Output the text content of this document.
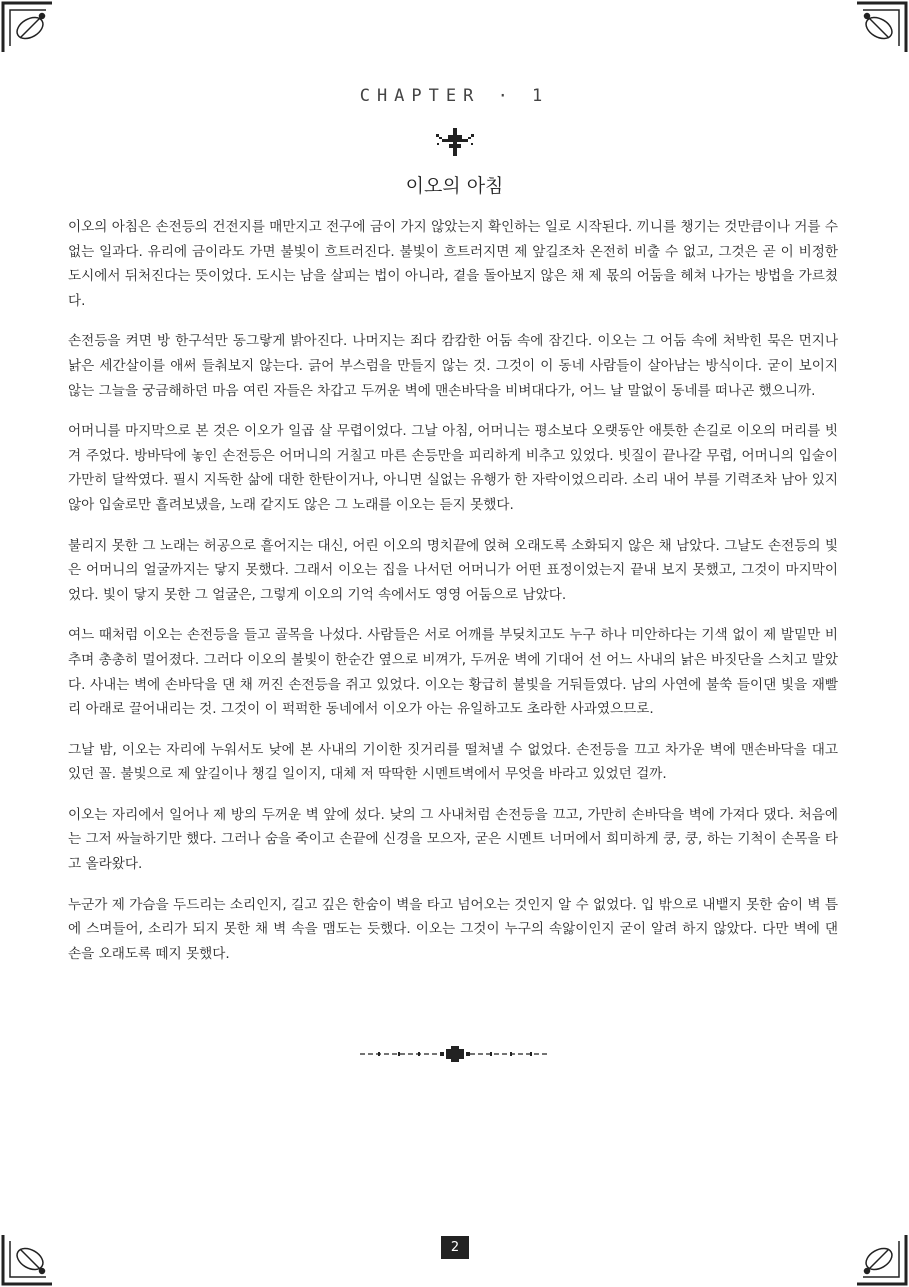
CHAPTER · 1
이오의 아침

이오의 아침은 손전등의 건전지를 매만지고 전구에 금이 가지 않았는지 확인하는 일로 시작된다. 끼니를 챙기는 것만큼이나 거를 수 없는 일과다. 유리에 금이라도 가면 불빛이 흐트러진다. 불빛이 흐트러지면 제 앞길조차 온전히 비출 수 없고, 그것은 곧 이 비정한 도시에서 뒤처진다는 뜻이었다. 도시는 남을 살피는 법이 아니라, 곁을 돌아보지 않은 채 제 몫의 어둠을 헤쳐 나가는 방법을 가르쳤다.

손전등을 켜면 방 한구석만 동그랗게 밝아진다. 나머지는 죄다 캄캄한 어둠 속에 잠긴다. 이오는 그 어둠 속에 처박힌 묵은 먼지나 낡은 세간살이를 애써 들춰보지 않는다. 긁어 부스럼을 만들지 않는 것. 그것이 이 동네 사람들이 살아남는 방식이다. 굳이 보이지 않는 그늘을 궁금해하던 마음 여린 자들은 차갑고 두꺼운 벽에 맨손바닥을 비벼대다가, 어느 날 말없이 동네를 떠나곤 했으니까.

어머니를 마지막으로 본 것은 이오가 일곱 살 무렵이었다. 그날 아침, 어머니는 평소보다 오랫동안 애틋한 손길로 이오의 머리를 빗겨 주었다. 방바닥에 놓인 손전등은 어머니의 거칠고 마른 손등만을 피리하게 비추고 있었다. 빗질이 끝나갈 무렵, 어머니의 입술이 가만히 달싹였다. 필시 지독한 삶에 대한 한탄이거나, 아니면 실없는 유행가 한 자락이었으리라. 소리 내어 부를 기력조차 남아 있지 않아 입술로만 흘려보냈을, 노래 같지도 않은 그 노래를 이오는 듣지 못했다.

불리지 못한 그 노래는 허공으로 흩어지는 대신, 어린 이오의 명치끝에 얹혀 오래도록 소화되지 않은 채 남았다. 그날도 손전등의 빛은 어머니의 얼굴까지는 닿지 못했다. 그래서 이오는 집을 나서던 어머니가 어떤 표정이었는지 끝내 보지 못했고, 그것이 마지막이었다. 빛이 닿지 못한 그 얼굴은, 그렇게 이오의 기억 속에서도 영영 어둠으로 남았다.

여느 때처럼 이오는 손전등을 들고 골목을 나섰다. 사람들은 서로 어깨를 부딪치고도 누구 하나 미안하다는 기색 없이 제 발밑만 비추며 총총히 멀어졌다. 그러다 이오의 불빛이 한순간 옆으로 비껴가, 두꺼운 벽에 기대어 선 어느 사내의 낡은 바짓단을 스치고 말았다. 사내는 벽에 손바닥을 댄 채 꺼진 손전등을 쥐고 있었다. 이오는 황급히 불빛을 거둬들였다. 남의 사연에 불쑥 들이댄 빛을 재빨리 아래로 끌어내리는 것. 그것이 이 퍽퍽한 동네에서 이오가 아는 유일하고도 초라한 사과였으므로.

그날 밤, 이오는 자리에 누워서도 낮에 본 사내의 기이한 짓거리를 떨쳐낼 수 없었다. 손전등을 끄고 차가운 벽에 맨손바닥을 대고 있던 꼴. 불빛으로 제 앞길이나 챙길 일이지, 대체 저 딱딱한 시멘트벽에서 무엇을 바라고 있었던 걸까.

이오는 자리에서 일어나 제 방의 두꺼운 벽 앞에 섰다. 낮의 그 사내처럼 손전등을 끄고, 가만히 손바닥을 벽에 가져다 댔다. 처음에는 그저 싸늘하기만 했다. 그러나 숨을 죽이고 손끝에 신경을 모으자, 굳은 시멘트 너머에서 희미하게 쿵, 쿵, 하는 기척이 손목을 타고 올라왔다.

누군가 제 가슴을 두드리는 소리인지, 길고 깊은 한숨이 벽을 타고 넘어오는 것인지 알 수 없었다. 입 밖으로 내뱉지 못한 숨이 벽 틈에 스며들어, 소리가 되지 못한 채 벽 속을 맴도는 듯했다. 이오는 그것이 누구의 속앓이인지 굳이 알려 하지 않았다. 다만 벽에 댄 손을 오래도록 떼지 못했다.

2
